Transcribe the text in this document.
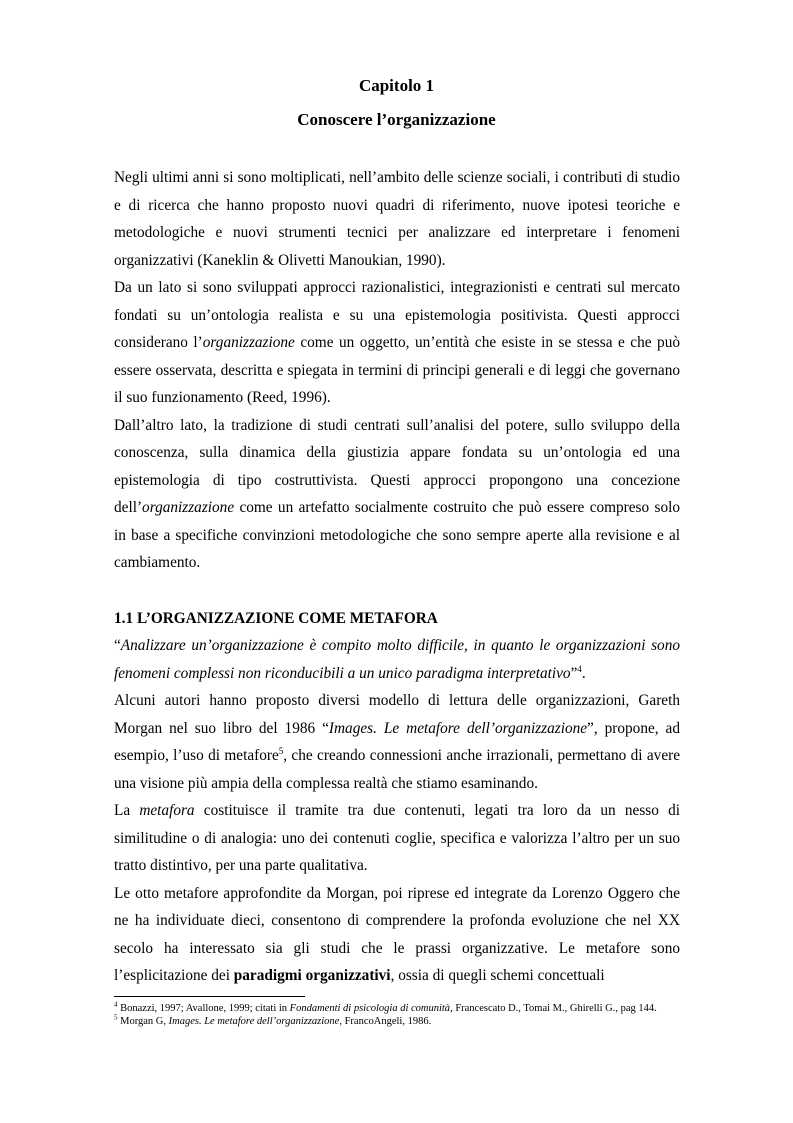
Capitolo 1
Conoscere l’organizzazione

Negli ultimi anni si sono moltiplicati, nell’ambito delle scienze sociali, i contributi di studio e di ricerca che hanno proposto nuovi quadri di riferimento, nuove ipotesi teoriche e metodologiche e nuovi strumenti tecnici per analizzare ed interpretare i fenomeni organizzativi (Kaneklin & Olivetti Manoukian, 1990).

Da un lato si sono sviluppati approcci razionalistici, integrazionisti e centrati sul mercato fondati su un’ontologia realista e su una epistemologia positivista. Questi approcci considerano l’organizzazione come un oggetto, un’entità che esiste in se stessa e che può essere osservata, descritta e spiegata in termini di principi generali e di leggi che governano il suo funzionamento (Reed, 1996).

Dall’altro lato, la tradizione di studi centrati sull’analisi del potere, sullo sviluppo della conoscenza, sulla dinamica della giustizia appare fondata su un’ontologia ed una epistemologia di tipo costruttivista. Questi approcci propongono una concezione dell’organizzazione come un artefatto socialmente costruito che può essere compreso solo in base a specifiche convinzioni metodologiche che sono sempre aperte alla revisione e al cambiamento.

1.1 L’ORGANIZZAZIONE COME METAFORA

“Analizzare un’organizzazione è compito molto difficile, in quanto le organizzazioni sono fenomeni complessi non riconducibili a un unico paradigma interpretativo”$^4$.

Alcuni autori hanno proposto diversi modello di lettura delle organizzazioni, Gareth Morgan nel suo libro del 1986 “Images. Le metafore dell’organizzazione”, propone, ad esempio, l’uso di metafore$^5$, che creando connessioni anche irrazionali, permettano di avere una visione più ampia della complessa realtà che stiamo esaminando.

La metafora costituisce il tramite tra due contenuti, legati tra loro da un nesso di similitudine o di analogia: uno dei contenuti coglie, specifica e valorizza l’altro per un suo tratto distintivo, per una parte qualitativa.

Le otto metafore approfondite da Morgan, poi riprese ed integrate da Lorenzo Oggero che ne ha individuate dieci, consentono di comprendere la profonda evoluzione che nel XX secolo ha interessato sia gli studi che le prassi organizzative. Le metafore sono l’esplicitazione dei paradigmi organizzativi, ossia di quegli schemi concettuali

$^4$ Bonazzi, 1997; Avallone, 1999; citati in Fondamenti di psicologia di comunità, Francescato D., Tomai M., Ghirelli G., pag 144.

$^5$ Morgan G, Images. Le metafore dell’organizzazione, FrancoAngeli, 1986.
